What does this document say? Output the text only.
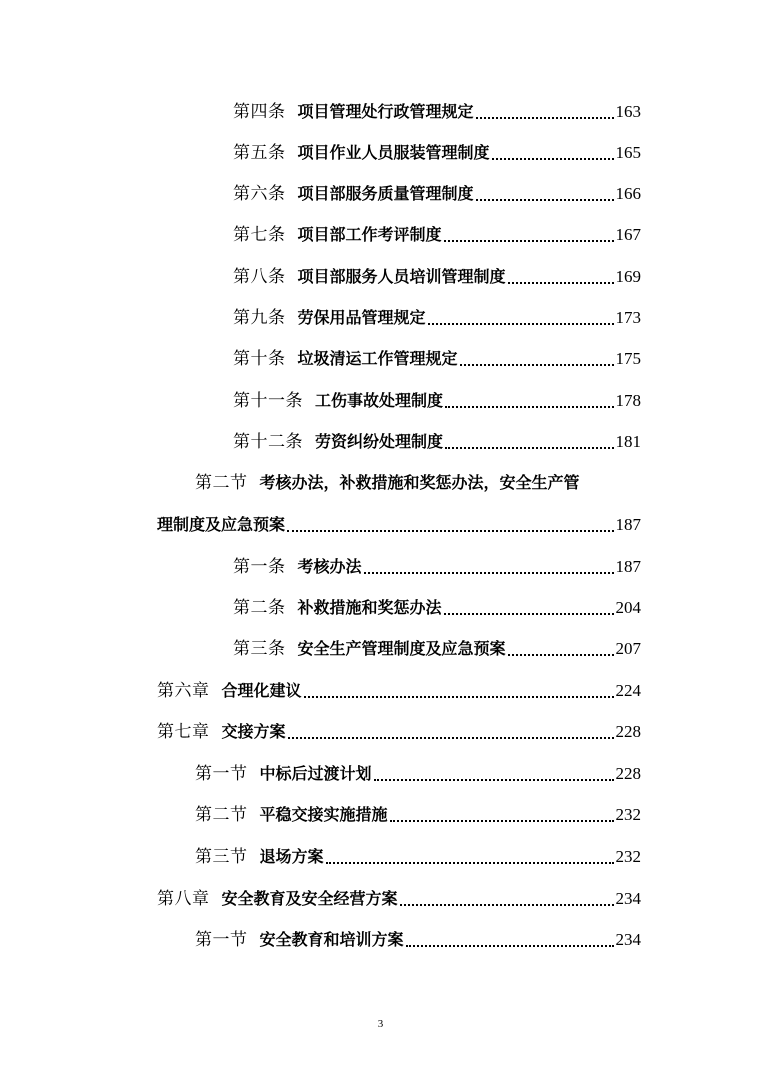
第四条 项目管理处行政管理规定	163
第五条 项目作业人员服装管理制度	165
第六条 项目部服务质量管理制度	166
第七条 项目部工作考评制度	167
第八条 项目部服务人员培训管理制度	169
第九条 劳保用品管理规定	173
第十条 垃圾清运工作管理规定	175
第十一条 工伤事故处理制度	178
第十二条 劳资纠纷处理制度	181
第二节 考核办法，补救措施和奖惩办法，安全生产管
理制度及应急预案	187
第一条 考核办法	187
第二条 补救措施和奖惩办法	204
第三条 安全生产管理制度及应急预案	207
第六章 合理化建议	224
第七章 交接方案	228
第一节 中标后过渡计划	228
第二节 平稳交接实施措施	232
第三节 退场方案	232
第八章 安全教育及安全经营方案	234
第一节 安全教育和培训方案	234
3
